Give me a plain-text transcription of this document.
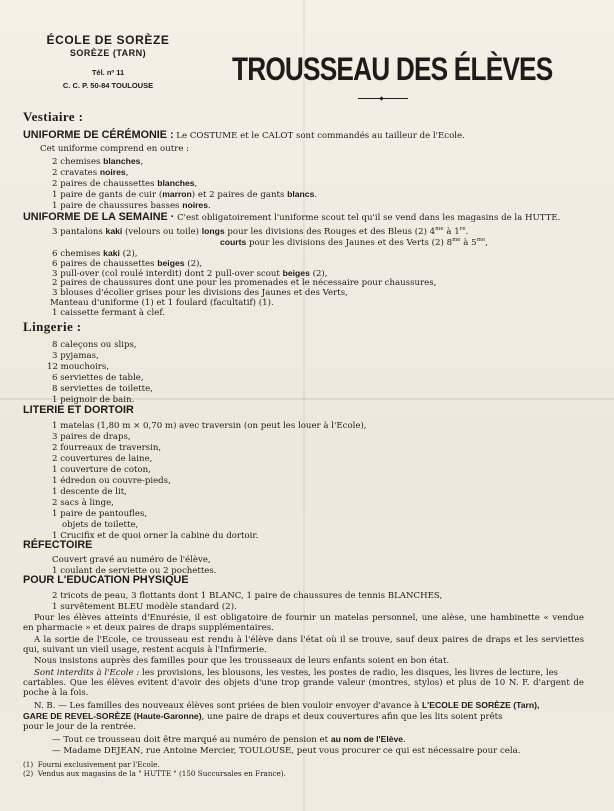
ÉCOLE DE SORÈZE
SORÈZE (TARN)
Tél. nº 11
C. C. P. 50-84 TOULOUSE	TROUSSEAU DES ÉLÈVES
Vestiaire :
UNIFORME DE CÉRÉMONIE : Le COSTUME et le CALOT sont commandés au tailleur de l'Ecole.
Cet uniforme comprend en outre :
2 chemises blanches,
2 cravates noires,
2 paires de chaussettes blanches,
1 paire de gants de cuir (marron) et 2 paires de gants blancs.
1 paire de chaussures basses noires.
UNIFORME DE LA SEMAINE · C'est obligatoirement l'uniforme scout tel qu'il se vend dans les magasins de la HUTTE.
3 pantalons kaki (velours ou toile) longs pour les divisions des Rouges et des Bleus (2) $4^{me}$ à 1re.
courts pour les divisions des Jaunes et des Verts (2) $8^{me}$ à $5^{me}$,
6 chemises kaki (2),
6 paires de chaussettes beiges (2),
3 pull-over (col roulé interdit) dont 2 pull-over scout beiges (2),
2 paires de chaussures dont une pour les promenades et le nécessaire pour chaussures,
3 blouses d'écolier grises pour les divisions des Jaunes et des Verts,
Manteau d'uniforme (1) et 1 foulard (facultatif) (1).
1 caissette fermant à clef.
Lingerie :
8 caleçons ou slips,
3 pyjamas,
12 mouchoirs,
6 serviettes de table,
8 serviettes de toilette,
1 peignoir de bain.
LITERIE ET DORTOIR
1 matelas (1,80 m × 0,70 m) avec traversin (on peut les louer à l'Ecole),
3 paires de draps,
2 fourreaux de traversin,
2 couvertures de laine,
1 couverture de coton,
1 édredon ou couvre-pieds,
1 descente de lit,
2 sacs à linge,
1 paire de pantoufles,
objets de toilette,
1 Crucifix et de quoi orner la cabine du dortoir.
RÉFECTOIRE
Couvert gravé au numéro de l'élève,
1 coulant de serviette ou 2 pochettes.
POUR L'EDUCATION PHYSIQUE
2 tricots de peau, 3 flottants dont 1 BLANC, 1 paire de chaussures de tennis BLANCHES,
1 survêtement BLEU modèle standard (2).
Pour les élèves atteints d'Enurésie, il est obligatoire de fournir un matelas personnel, une alèse, une hambinette « vendue
en pharmacie » et deux paires de draps supplémentaires.
A la sortie de l'Ecole, ce trousseau est rendu à l'élève dans l'état où il se trouve, sauf deux paires de draps et les serviettes
qui, suivant un vieil usage, restent acquis à l'Infirmerie.
Nous insistons auprès des familles pour que les trousseaux de leurs enfants soient en bon état.
Sont interdits à l'Ecole : les provisions, les blousons, les vestes, les postes de radio, les disques, les livres de lecture, les
cartables. Que les élèves evitent d'avoir des objets d'une trop grande valeur (montres, stylos) et plus de 10 N. F. d'argent de
poche à la fois.
N. B. — Les familles des nouveaux élèves sont priées de bien vouloir envoyer d'avance à L'ECOLE DE SORÈZE (Tarn),
GARE DE REVEL-SORÈZE (Haute-Garonne), une paire de draps et deux couvertures afin que les lits soient prêts
pour le jour de la rentrée.
— Tout ce trousseau doit être marqué au numéro de pension et au nom de l'Elève.
— Madame DEJEAN, rue Antoine Mercier, TOULOUSE, peut vous procurer ce qui est nécessaire pour cela.
(1) Fourni exclusivement par l'Ecole.
(2) Vendus aux magasins de la " HUTTE " (150 Succursales en France).
